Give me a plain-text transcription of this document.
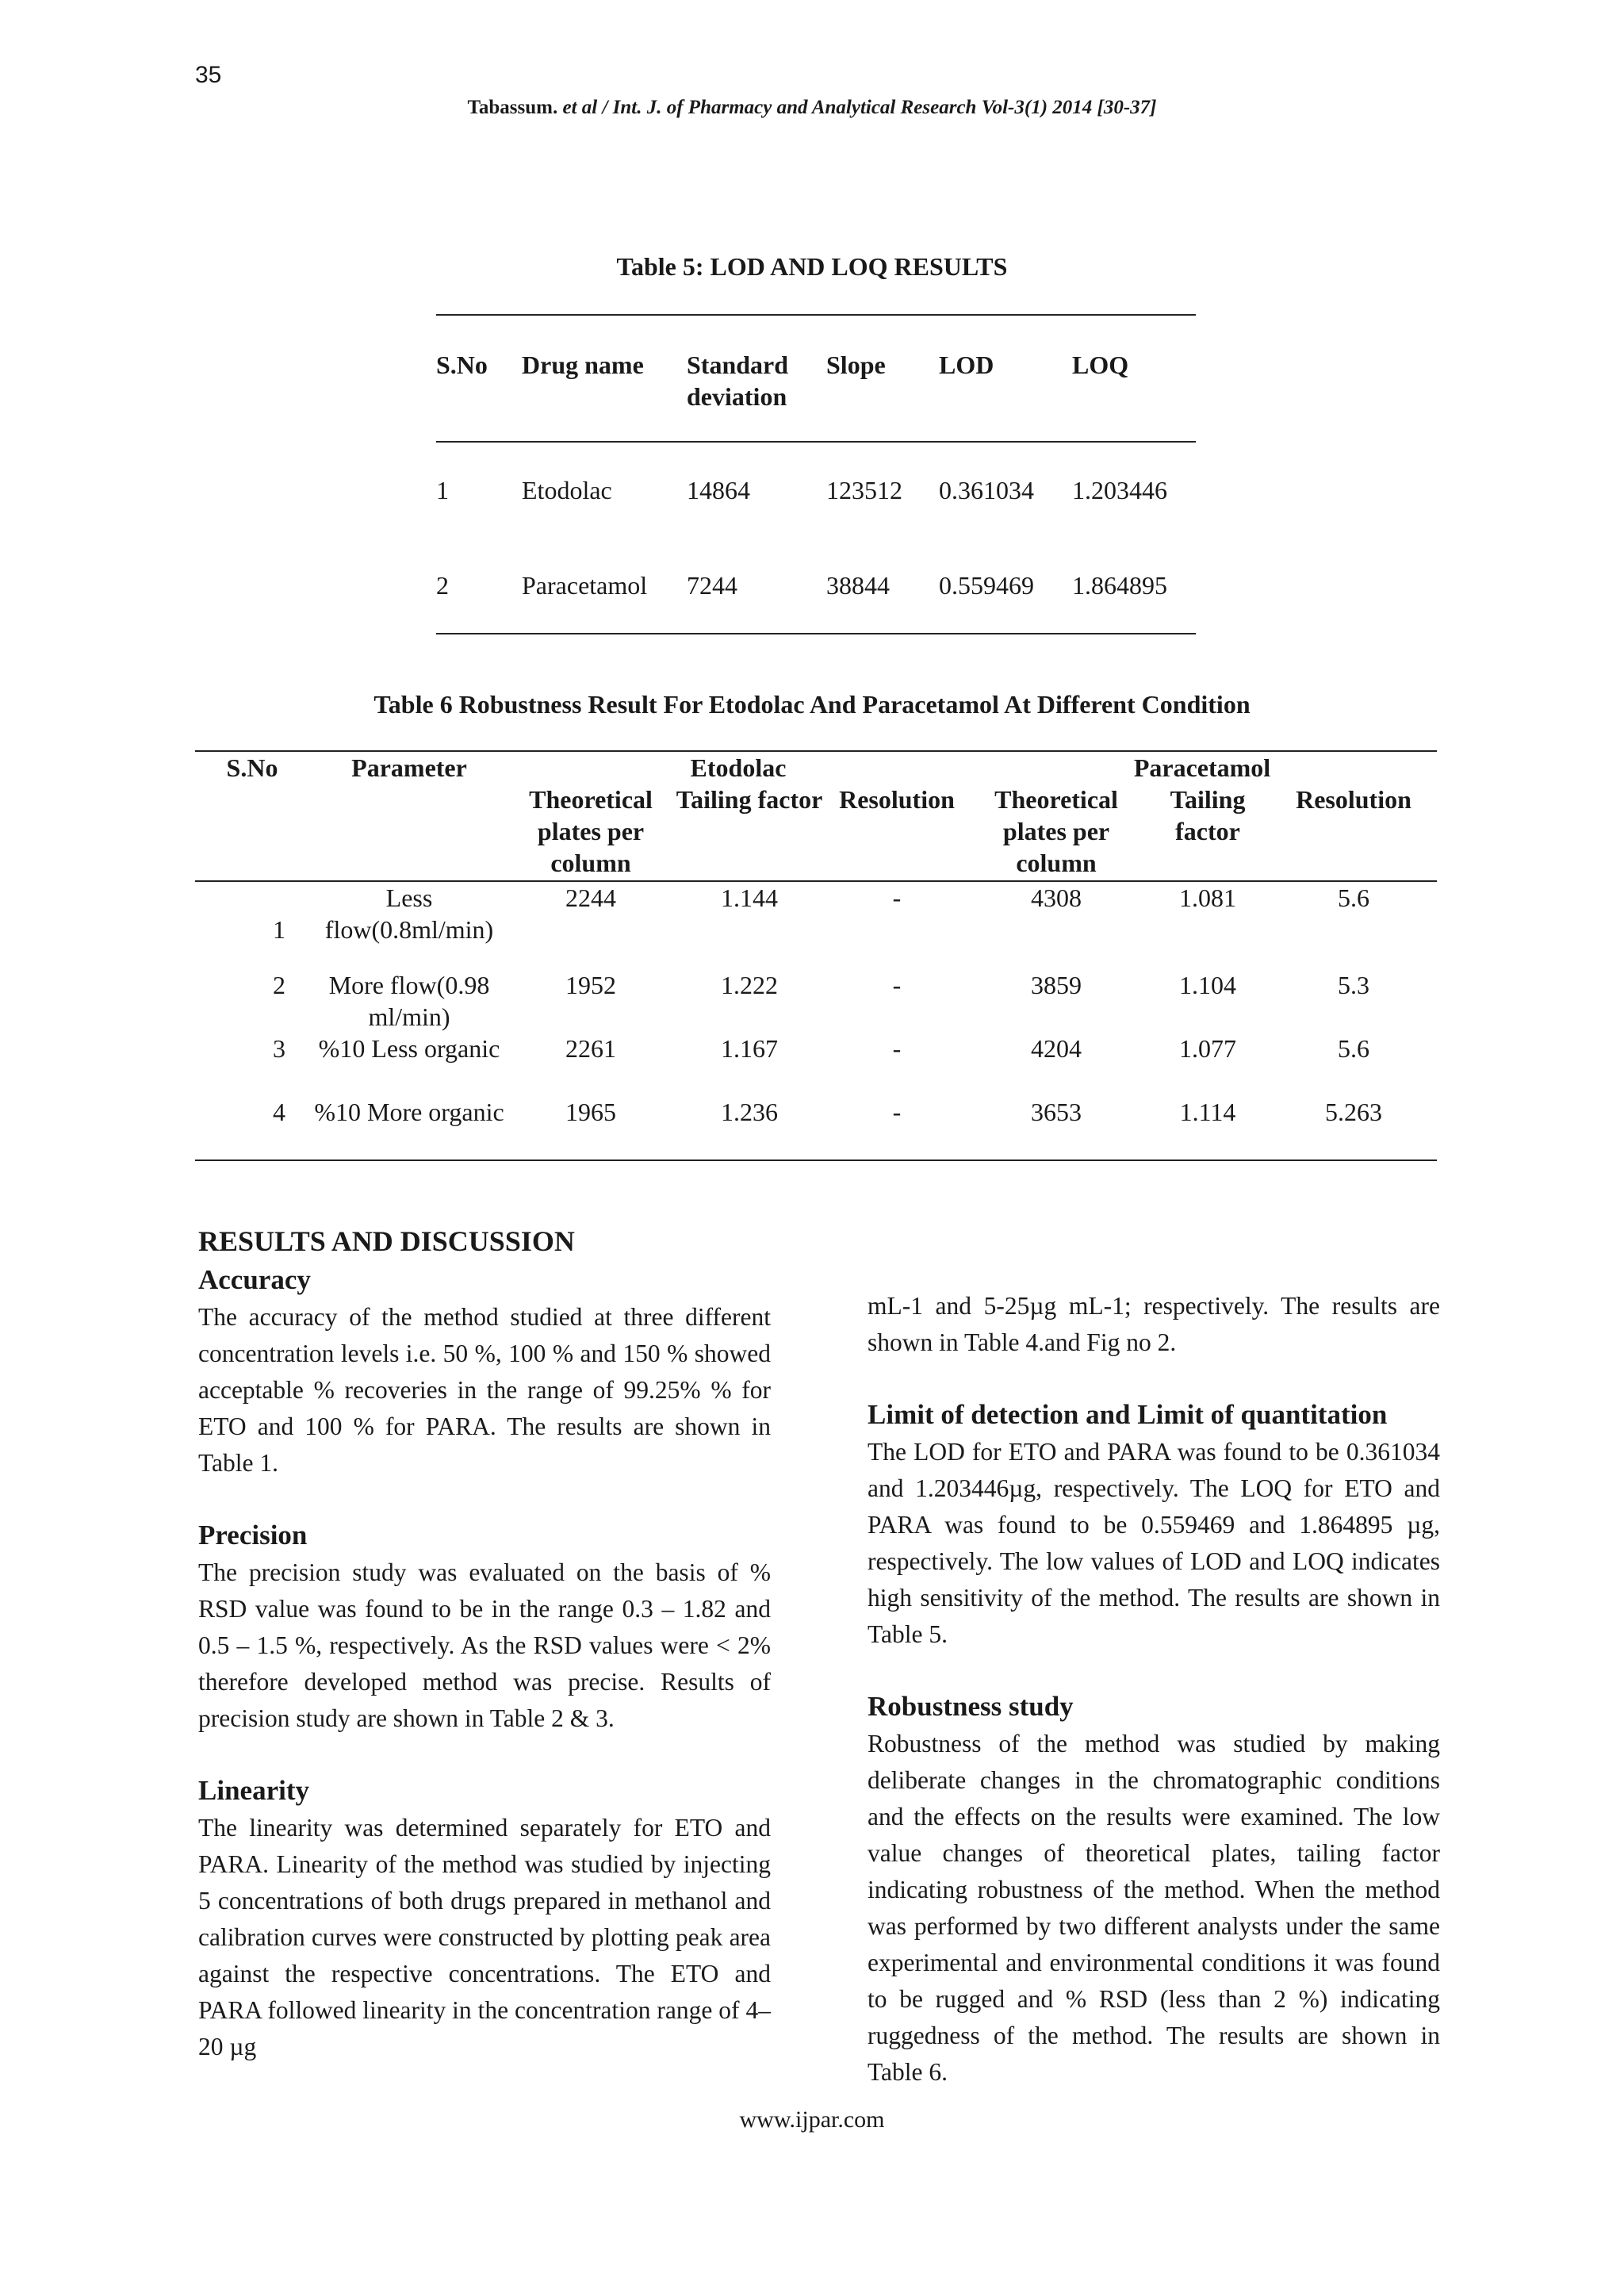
35
Tabassum. et al / Int. J. of Pharmacy and Analytical Research Vol-3(1) 2014 [30-37]
Table 5: LOD AND LOQ RESULTS
S.No	Drug name	Standard deviation	Slope	LOD	LOQ
1	Etodolac	14864	123512	0.361034	1.203446
2	Paracetamol	7244	38844	0.559469	1.864895
Table 6 Robustness Result For Etodolac And Paracetamol At Different Condition
S.No	Parameter	Etodolac			Paracetamol		
		Theoretical plates per column	Tailing factor	Resolution	Theoretical plates per column	Tailing factor	Resolution
1	Less flow(0.8ml/min)	2244	1.144	-	4308	1.081	5.6
2	More flow(0.98 ml/min)	1952	1.222	-	3859	1.104	5.3
3	%10 Less organic	2261	1.167	-	4204	1.077	5.6
4	%10 More organic	1965	1.236	-	3653	1.114	5.263
RESULTS AND DISCUSSION
Accuracy

The accuracy of the method studied at three different concentration levels i.e. 50 %, 100 % and 150 % showed acceptable % recoveries in the range of 99.25% % for ETO and 100 % for PARA. The results are shown in Table 1.

Precision

The precision study was evaluated on the basis of % RSD value was found to be in the range 0.3 – 1.82 and 0.5 – 1.5 %, respectively. As the RSD values were < 2% therefore developed method was precise. Results of precision study are shown in Table 2 & 3.

Linearity

The linearity was determined separately for ETO and PARA. Linearity of the method was studied by injecting 5 concentrations of both drugs prepared in methanol and calibration curves were constructed by plotting peak area against the respective concentrations. The ETO and PARA followed linearity in the concentration range of 4– 20 µg

mL-1 and 5-25µg mL-1; respectively. The results are shown in Table 4.and Fig no 2.

Limit of detection and Limit of quantitation

The LOD for ETO and PARA was found to be 0.361034 and 1.203446µg, respectively. The LOQ for ETO and PARA was found to be 0.559469 and 1.864895 µg, respectively. The low values of LOD and LOQ indicates high sensitivity of the method. The results are shown in Table 5.

Robustness study

Robustness of the method was studied by making deliberate changes in the chromatographic conditions and the effects on the results were examined. The low value changes of theoretical plates, tailing factor indicating robustness of the method. When the method was performed by two different analysts under the same experimental and environmental conditions it was found to be rugged and % RSD (less than 2 %) indicating ruggedness of the method. The results are shown in Table 6.

www.ijpar.com
